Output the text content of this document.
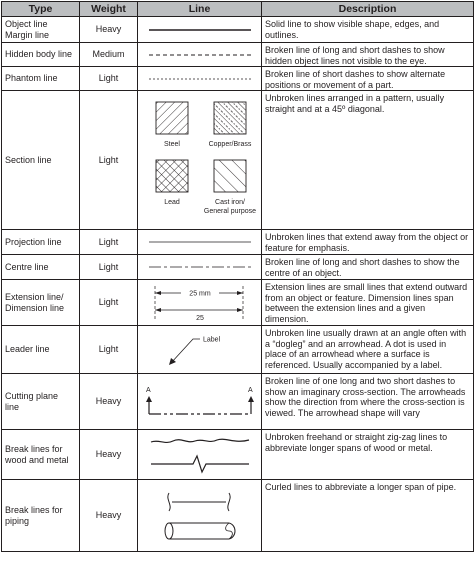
Type	Weight	Line	Description

Object line
Margin line	Heavy		Solid line to show visible shape, edges, and outlines.

Hidden body line	Medium		Broken line of long and short dashes to show hidden object lines not visible to the eye.

Phantom line	Light		Broken line of short dashes to show alternate positions or movement of a part.

Section line	Light	Steel Copper/Brass
Lead Cast iron/
General purpose	Unbroken lines arranged in a pattern, usually straight and at a 45º diagonal.

Projection line	Light		Unbroken lines that extend away from the object or feature for emphasis.

Centre line	Light		Broken line of long and short dashes to show the centre of an object.

Extension line/
Dimension line	Light	25 mm
25	Extension lines are small lines that extend outward from an object or feature. Dimension lines span between the extension lines and a given dimension.

Leader line	Light	Label	Unbroken line usually drawn at an angle often with a “dogleg” and an arrowhead. A dot is used in place of an arrowhead where a surface is referenced. Usually accompanied by a label.

Cutting plane
line	Heavy	A A	Broken line of one long and two short dashes to show an imaginary cross-section. The arrowheads show the direction from where the cross-section is viewed. The arrowhead shape will vary

Break lines for
wood and metal	Heavy		Unbroken freehand or straight zig-zag lines to abbreviate longer spans of wood or metal.

Break lines for
piping	Heavy		Curled lines to abbreviate a longer span of pipe.
